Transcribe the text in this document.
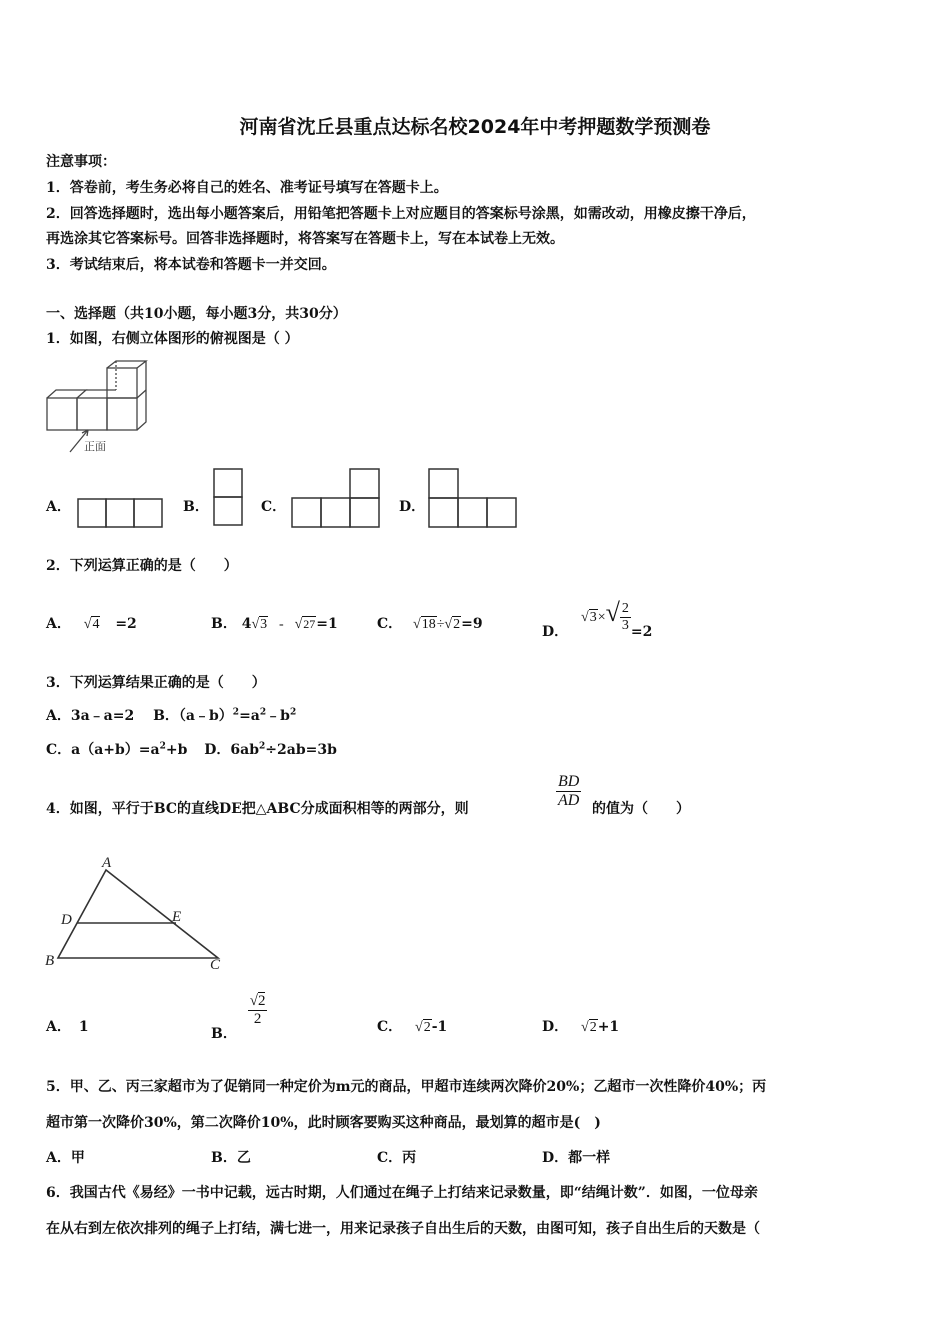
河南省沈丘县重点达标名校2024年中考押题数学预测卷
注意事项：
1．答卷前，考生务必将自己的姓名、准考证号填写在答题卡上。
2．回答选择题时，选出每小题答案后，用铅笔把答题卡上对应题目的答案标号涂黑，如需改动，用橡皮擦干净后，
再选涂其它答案标号。回答非选择题时，将答案写在答题卡上，写在本试卷上无效。
3．考试结束后，将本试卷和答题卡一并交回。
一、选择题（共10小题，每小题3分，共30分）
1．如图，右侧立体图形的俯视图是（ ）
正面
A．	B．	C．	D．
2．下列运算正确的是（　　）
A． √4 =2	B． 4√3 - √27=1	C． √18÷√2=9	D． $√3\times√ \frac{2}{3} =2$
3．下列运算结果正确的是（　　）
A．3a﹣a=2 B．$(a﹣b)^2=a^2﹣b^2$
C．$a(a+b)=a^2+b$ D．$6ab^2\div 2ab=3b$
4．如图，平行于BC的直线DE把△ABC分成面积相等的两部分，则	$\frac{BD}{AD}$ 的值为（　　）
A
D	E
B	C
A． 1	B．
$\frac{√2}{2}$	C． √2-1	D． √2+1
5．甲、乙、丙三家超市为了促销同一种定价为m元的商品，甲超市连续两次降价20%；乙超市一次性降价40%；丙
超市第一次降价30%，第二次降价10%，此时顾客要购买这种商品，最划算的超市是(　)
A．甲	B．乙	C．丙	D．都一样
6．我国古代《易经》一书中记载，远古时期，人们通过在绳子上打结来记录数量，即“结绳计数”．如图，一位母亲
在从右到左依次排列的绳子上打结，满七进一，用来记录孩子自出生后的天数，由图可知，孩子自出生后的天数是（
